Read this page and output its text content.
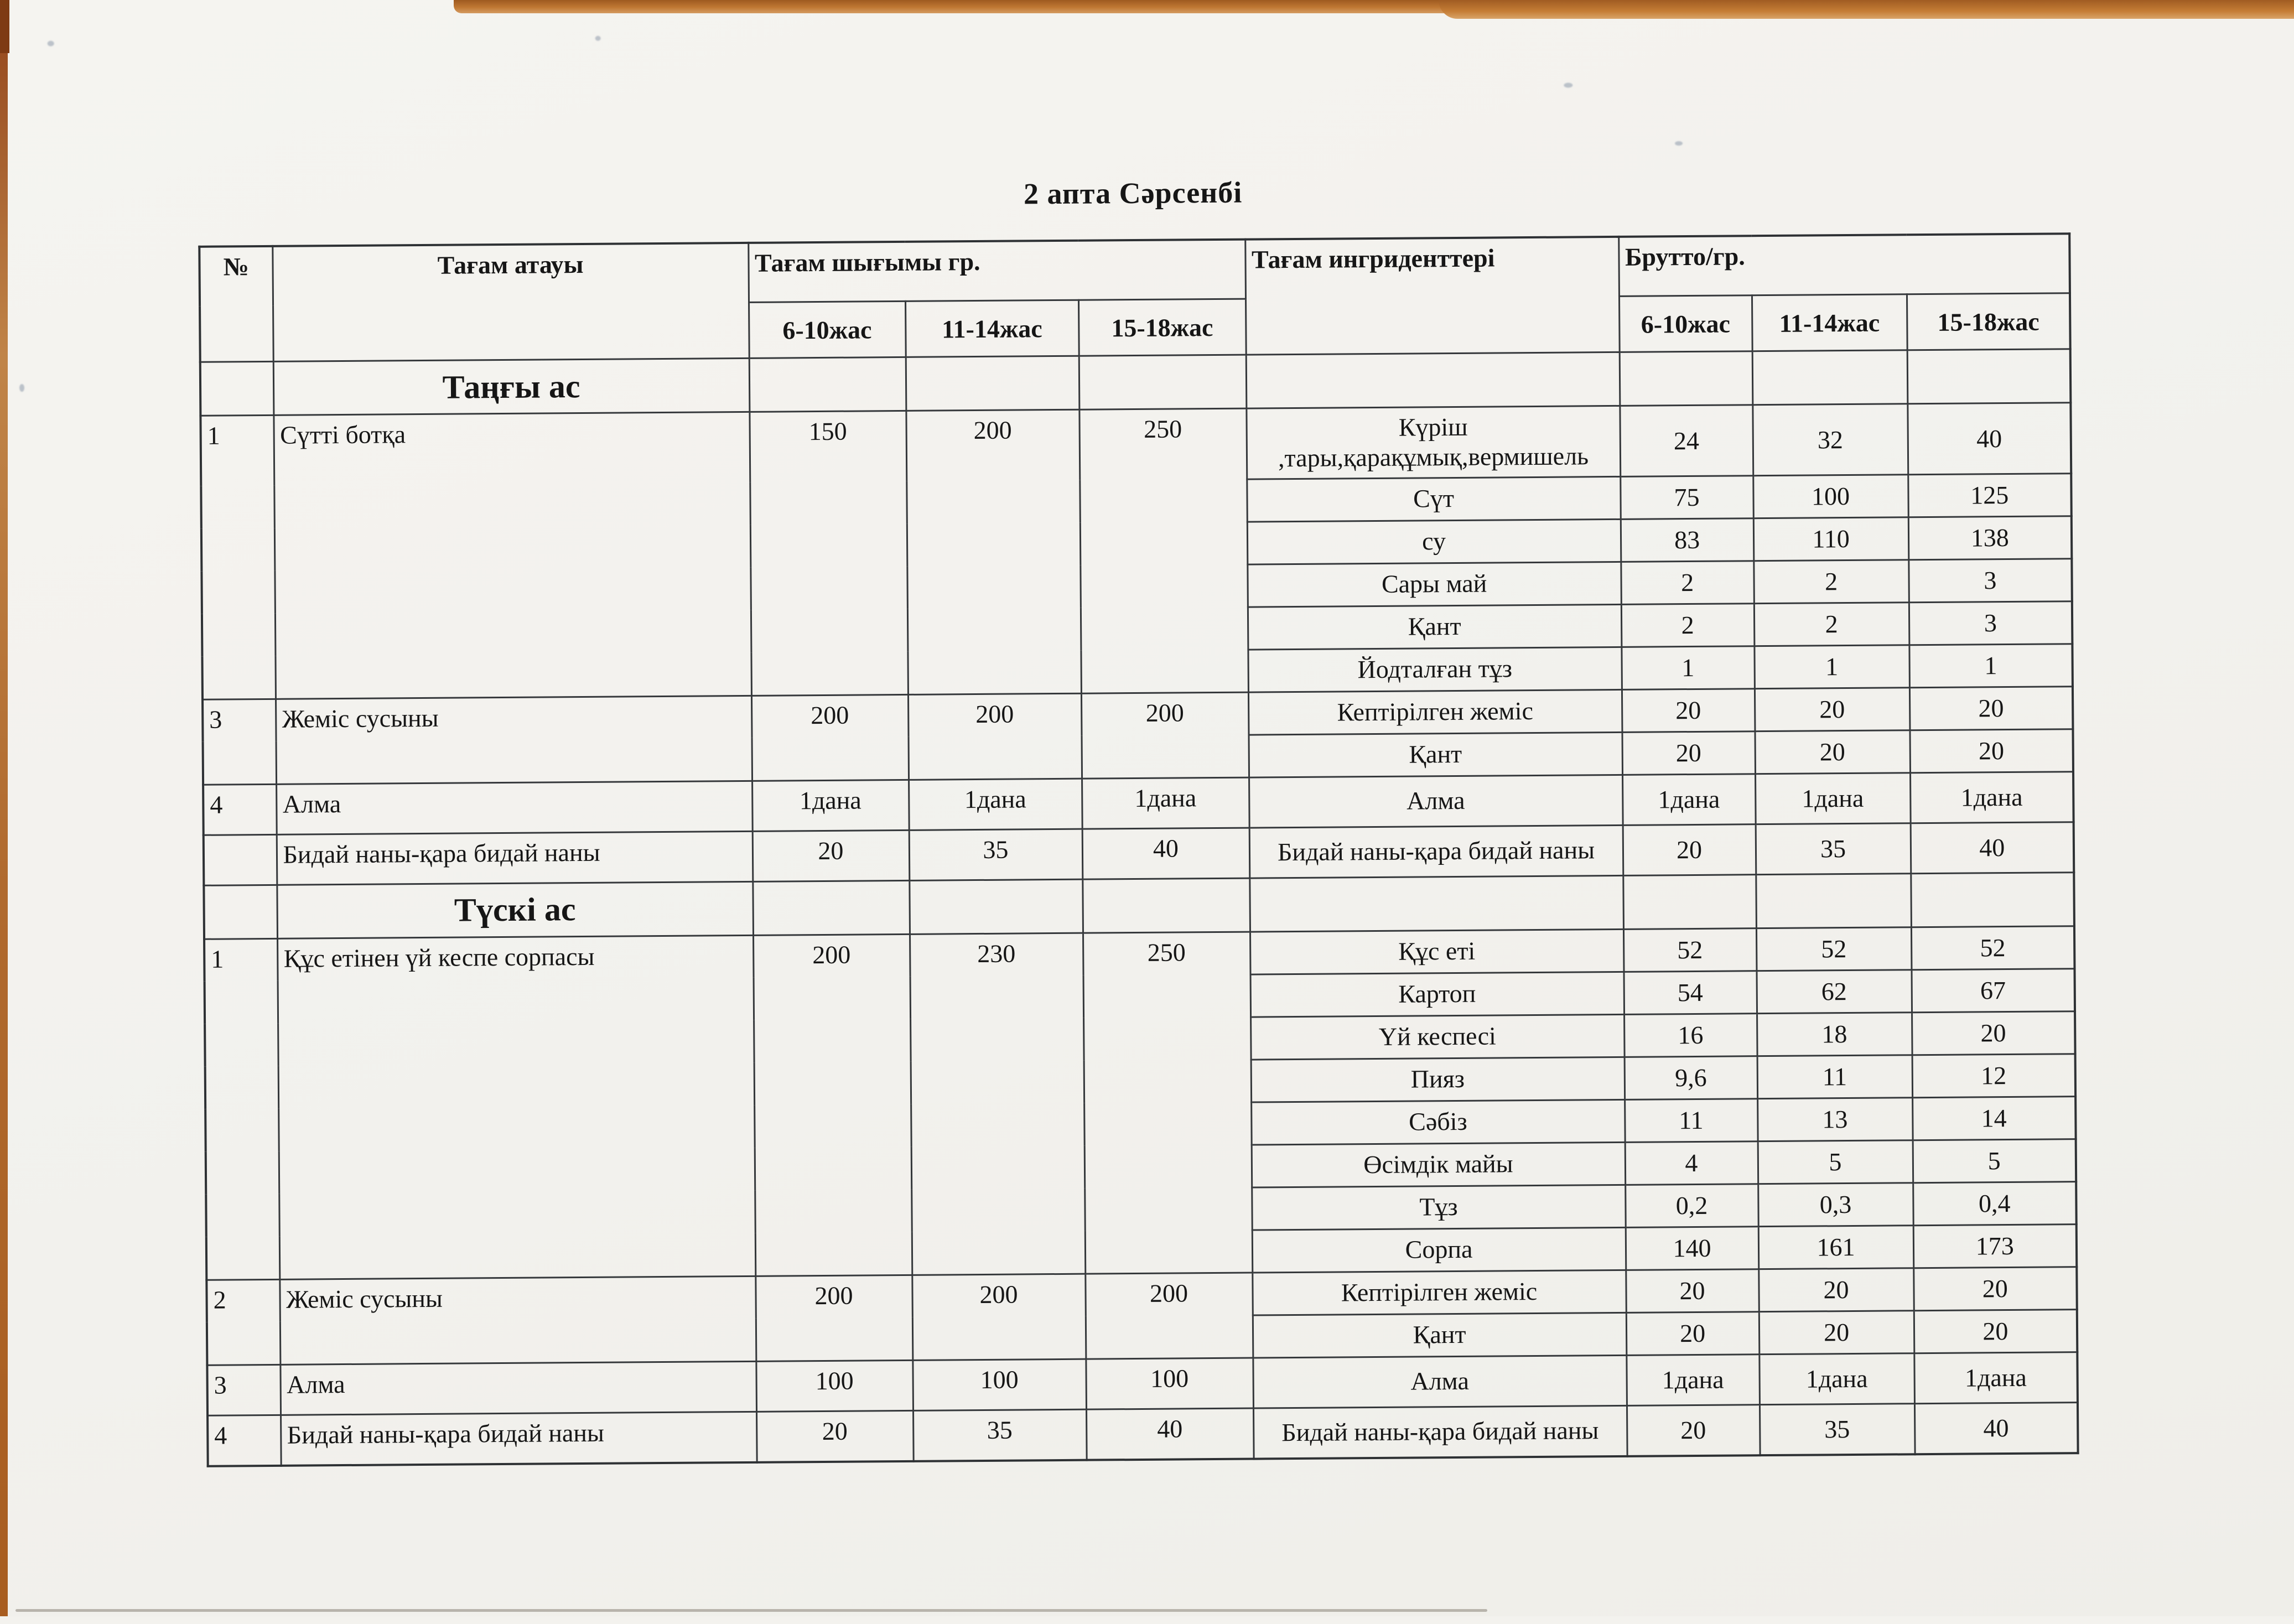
2 апта Сәрсенбі
№	Тағам атауы	Тағам шығымы гр.			Тағам ингриденттері	Брутто/гр.		
		6-10жас	11-14жас	15-18жас		6-10жас	11-14жас	15-18жас
	Таңғы ас							
1	Сүтті ботқа	150	200	250	Күріш ,тары,қарақұмық,вермишель	24	32	40
					Сүт	75	100	125
					су	83	110	138
					Сары май	2	2	3
					Қант	2	2	3
					Йодталған тұз	1	1	1
3	Жеміс сусыны	200	200	200	Кептірілген жеміс	20	20	20
					Қант	20	20	20
4	Алма	1дана	1дана	1дана	Алма	1дана	1дана	1дана
	Бидай наны-қара бидай наны	20	35	40	Бидай наны-қара бидай наны	20	35	40
	Түскі ас							
1	Құс етінен үй кеспе сорпасы	200	230	250	Құс еті	52	52	52
					Картоп	54	62	67
					Үй кеспесі	16	18	20
					Пияз	9,6	11	12
					Сәбіз	11	13	14
					Өсімдік майы	4	5	5
					Тұз	0,2	0,3	0,4
					Сорпа	140	161	173
2	Жеміс сусыны	200	200	200	Кептірілген жеміс	20	20	20
					Қант	20	20	20
3	Алма	100	100	100	Алма	1дана	1дана	1дана
4	Бидай наны-қара бидай наны	20	35	40	Бидай наны-қара бидай наны	20	35	40
